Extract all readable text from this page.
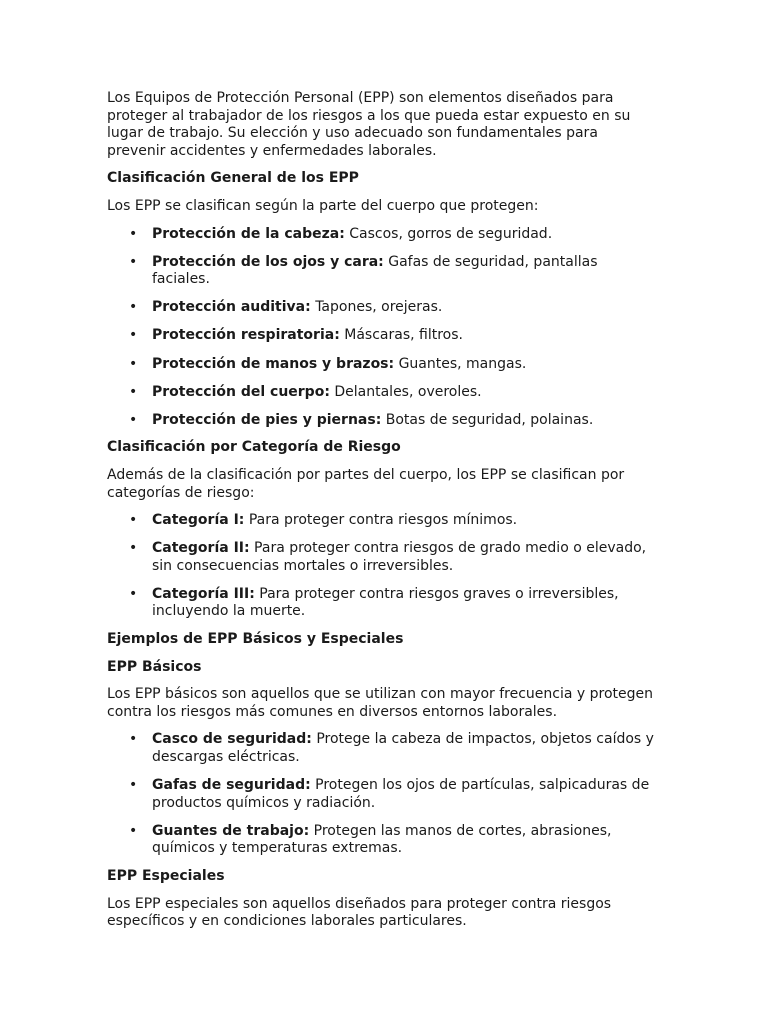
Los Equipos de Protección Personal (EPP) son elementos diseñados para proteger al trabajador de los riesgos a los que pueda estar expuesto en su lugar de trabajo. Su elección y uso adecuado son fundamentales para prevenir accidentes y enfermedades laborales.

Clasificación General de los EPP

Los EPP se clasifican según la parte del cuerpo que protegen:

• Protección de la cabeza: Cascos, gorros de seguridad.
• Protección de los ojos y cara: Gafas de seguridad, pantallas faciales.
• Protección auditiva: Tapones, orejeras.
• Protección respiratoria: Máscaras, filtros.
• Protección de manos y brazos: Guantes, mangas.
• Protección del cuerpo: Delantales, overoles.
• Protección de pies y piernas: Botas de seguridad, polainas.

Clasificación por Categoría de Riesgo

Además de la clasificación por partes del cuerpo, los EPP se clasifican por categorías de riesgo:

• Categoría I: Para proteger contra riesgos mínimos.
• Categoría II: Para proteger contra riesgos de grado medio o elevado, sin consecuencias mortales o irreversibles.
• Categoría III: Para proteger contra riesgos graves o irreversibles, incluyendo la muerte.

Ejemplos de EPP Básicos y Especiales

EPP Básicos

Los EPP básicos son aquellos que se utilizan con mayor frecuencia y protegen contra los riesgos más comunes en diversos entornos laborales.

• Casco de seguridad: Protege la cabeza de impactos, objetos caídos y descargas eléctricas.
• Gafas de seguridad: Protegen los ojos de partículas, salpicaduras de productos químicos y radiación.
• Guantes de trabajo: Protegen las manos de cortes, abrasiones, químicos y temperaturas extremas.

EPP Especiales

Los EPP especiales son aquellos diseñados para proteger contra riesgos específicos y en condiciones laborales particulares.
